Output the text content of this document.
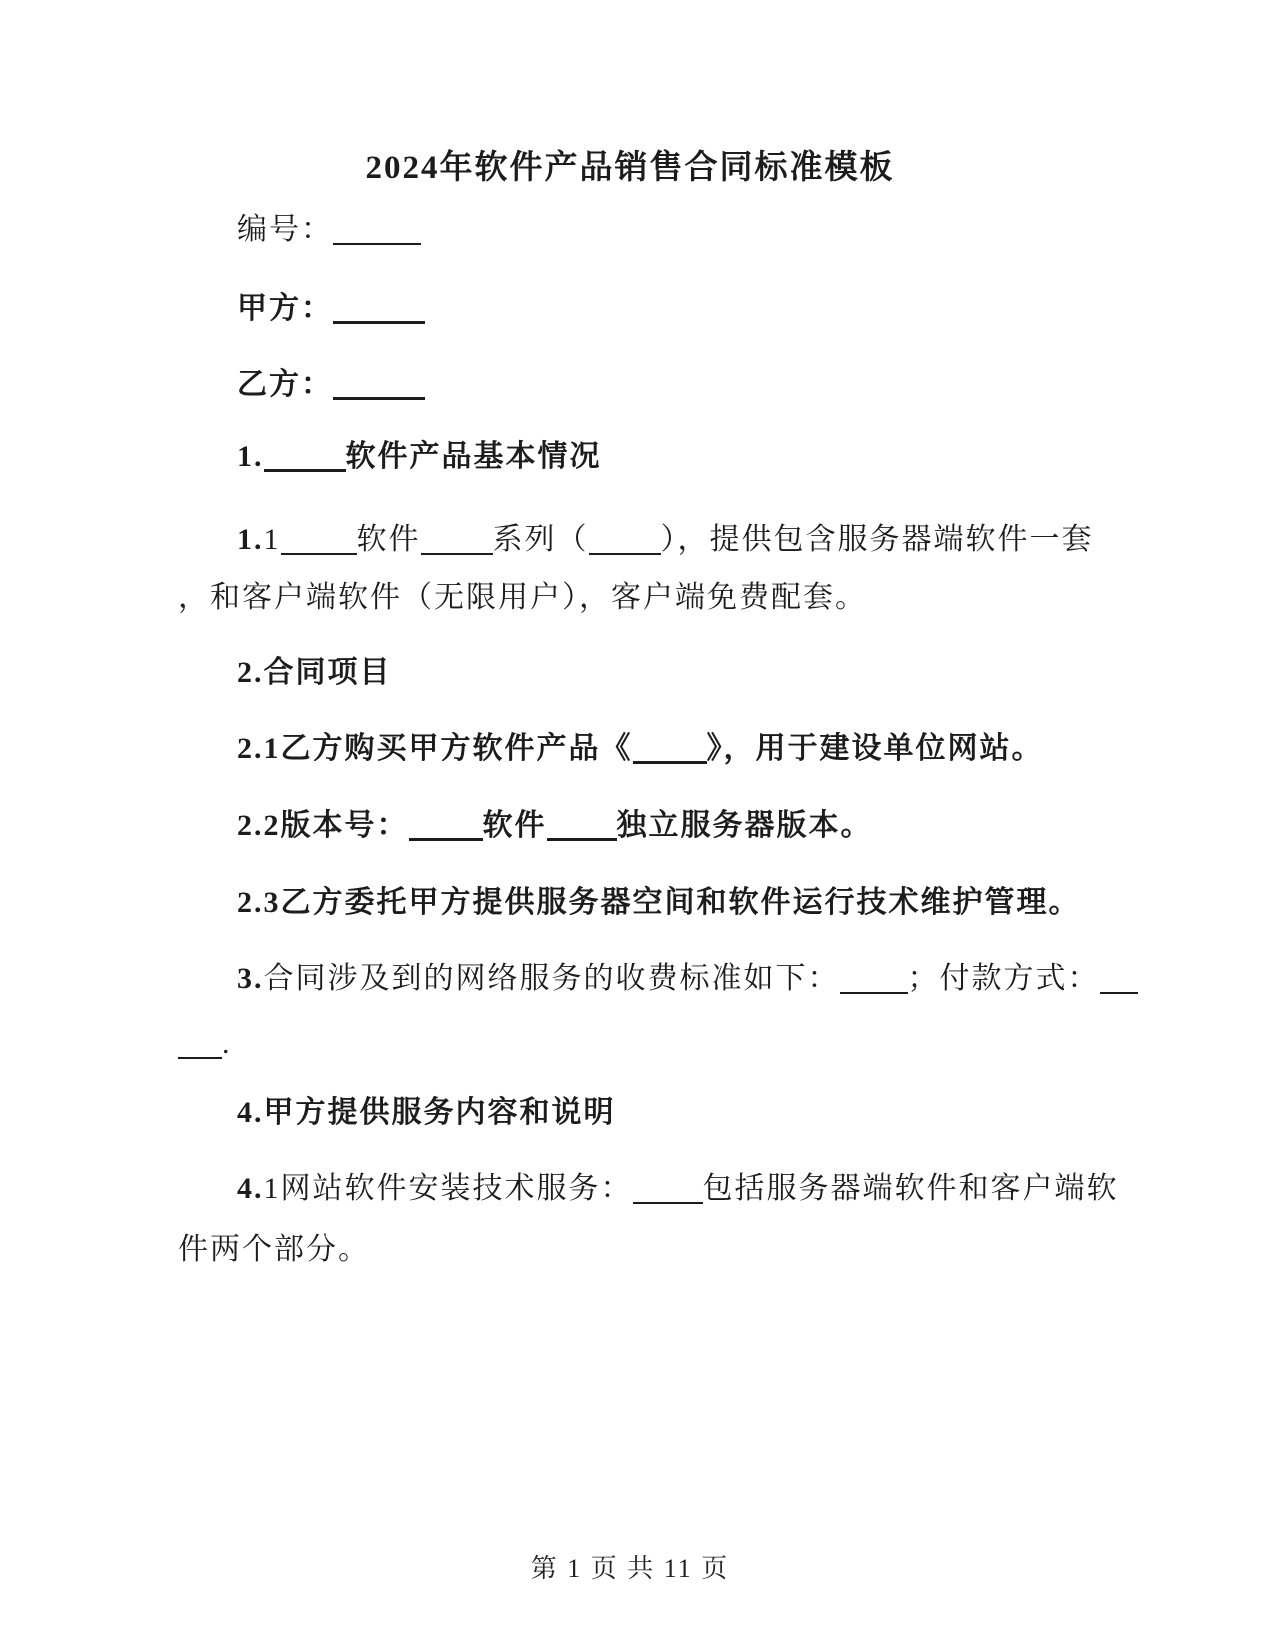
2024年软件产品销售合同标准模板
编号：
甲方：
乙方：
1.	软件产品基本情况
1.1	软件 系列（ ），提供包含服务器端软件一套
，和客户端软件（无限用户），客户端免费配套。
2.合同项目
2.1乙方购买甲方软件产品《 》，用于建设单位网站。
2.2版本号： 软件 独立服务器版本。
2.3乙方委托甲方提供服务器空间和软件运行技术维护管理。
3.合同涉及到的网络服务的收费标准如下： ；付款方式：
.
4.甲方提供服务内容和说明
4.1网站软件安装技术服务： 包括服务器端软件和客户端软
件两个部分。
第 1 页 共 11 页
